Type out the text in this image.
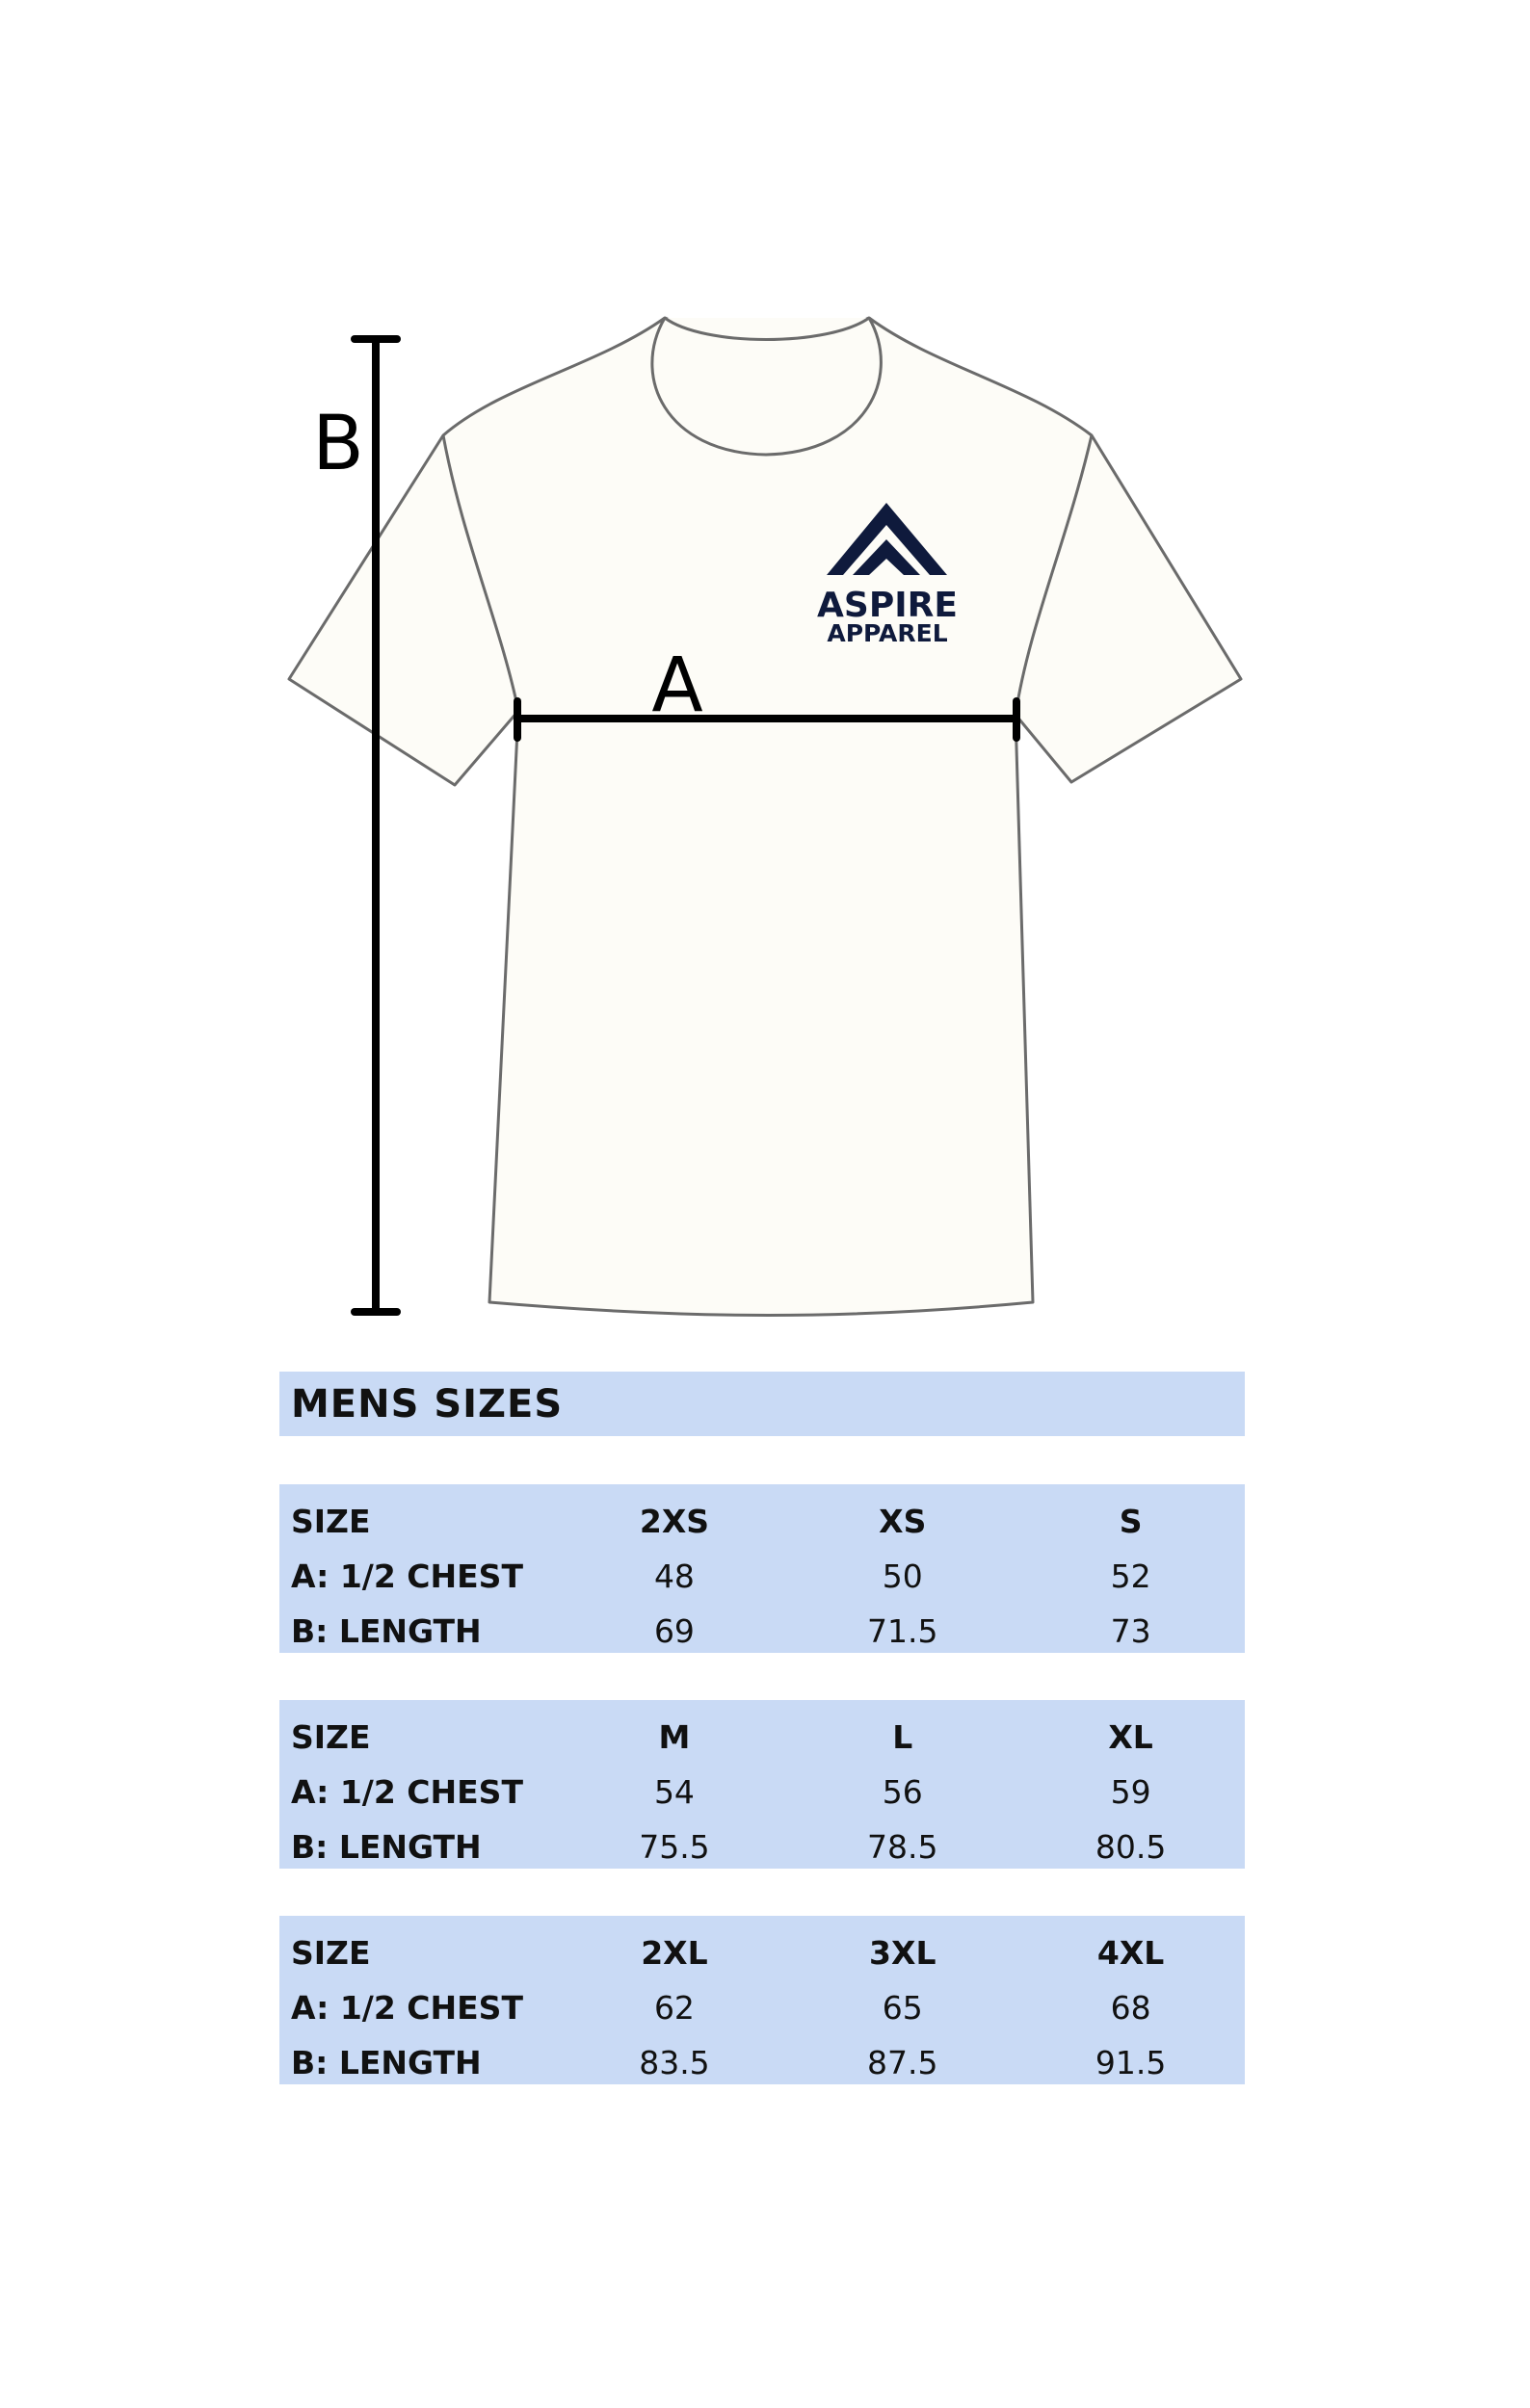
ASPIRE
APPAREL
B
A
MENS SIZES
SIZE	2XS	XS	S
A: 1/2 CHEST	48	50	52
B: LENGTH	69	71.5	73
SIZE	M	L	XL
A: 1/2 CHEST	54	56	59
B: LENGTH	75.5	78.5	80.5
SIZE	2XL	3XL	4XL
A: 1/2 CHEST	62	65	68
B: LENGTH	83.5	87.5	91.5
